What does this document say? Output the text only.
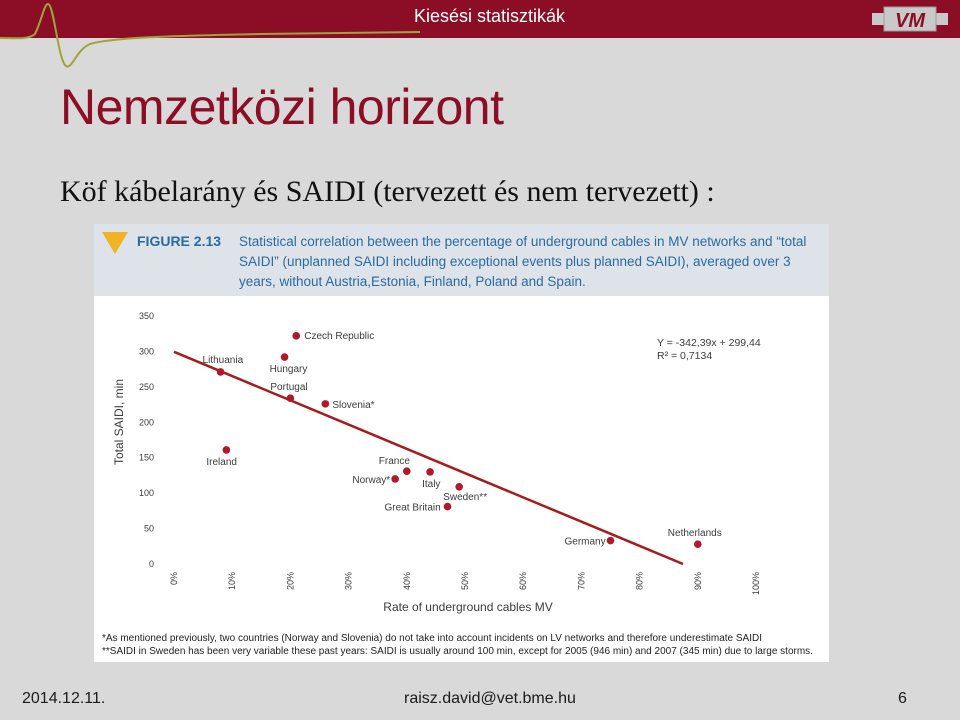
Kiesési statisztikák	VM
Nemzetközi horizont
Köf kábelarány és SAIDI (tervezett és nem tervezett) :
FIGURE 2.13 Statistical correlation between the percentage of underground cables in MV networks and “total SAIDI” (unplanned SAIDI including exceptional events plus planned SAIDI), averaged over 3 years, without Austria,Estonia, Finland, Poland and Spain.
0
50
100
150
200
250
300
350
0%	10%	20%	30%	40%	50%	60%	70%	80%	90%	100%
Czech Republic
Lithuania
Hungary
Portugal
Slovenia*
Ireland	France
Norway*	Italy
Sweden**
Great Britain
Germany
Netherlands
Y = -342,39x + 299,44
R² = 0,7134
Total SAIDI, min
Rate of underground cables MV
*As mentioned previously, two countries (Norway and Slovenia) do not take into account incidents on LV networks and therefore underestimate SAIDI
**SAIDI in Sweden has been very variable these past years: SAIDI is usually around 100 min, except for 2005 (946 min) and 2007 (345 min) due to large storms.
2014.12.11.	raisz.david@vet.bme.hu	6
